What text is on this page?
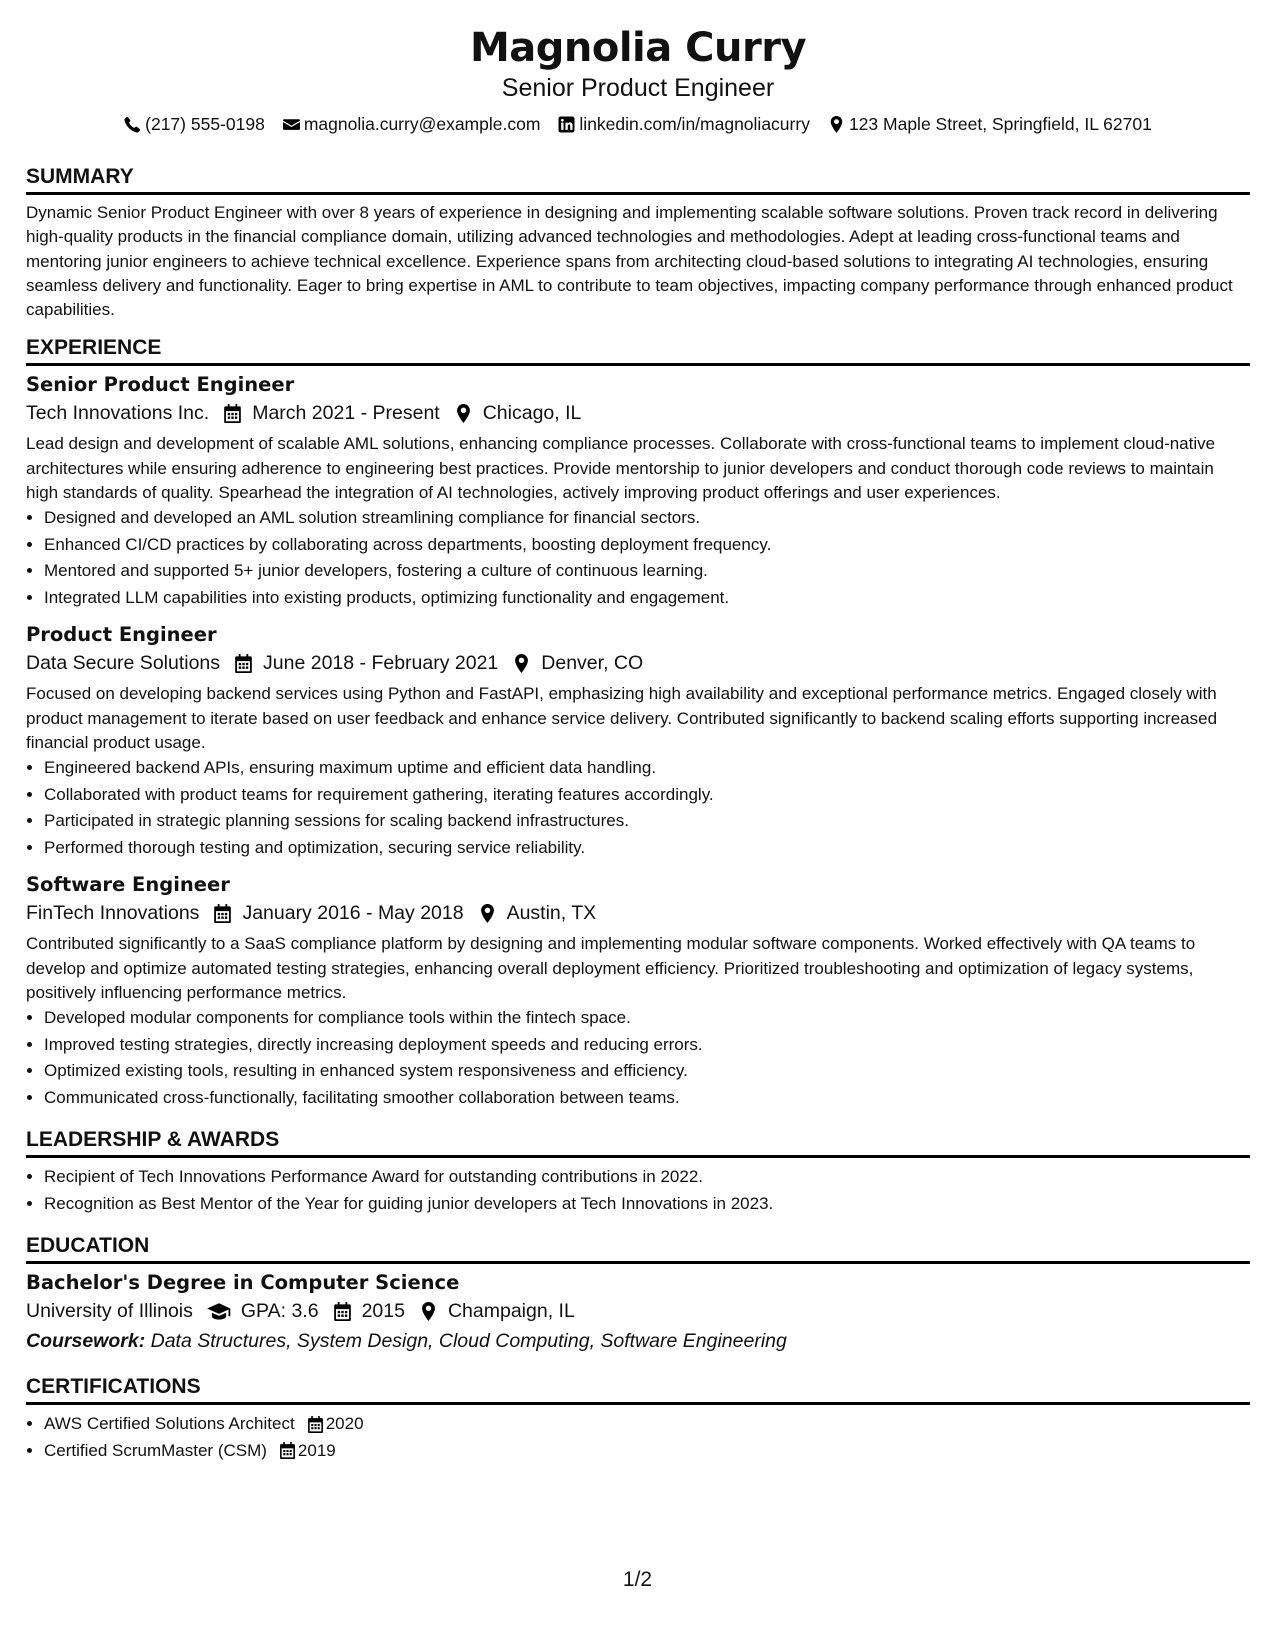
Magnolia Curry
Senior Product Engineer
(217) 555-0198 magnolia.curry@example.com linkedin.com/in/magnoliacurry 123 Maple Street, Springfield, IL 62701
SUMMARY

Dynamic Senior Product Engineer with over 8 years of experience in designing and implementing scalable software solutions. Proven track record in delivering high-quality products in the financial compliance domain, utilizing advanced technologies and methodologies. Adept at leading cross-functional teams and mentoring junior engineers to achieve technical excellence. Experience spans from architecting cloud-based solutions to integrating AI technologies, ensuring seamless delivery and functionality. Eager to bring expertise in AML to contribute to team objectives, impacting company performance through enhanced product capabilities.

EXPERIENCE
Senior Product Engineer
Tech Innovations Inc. March 2021 - Present Chicago, IL

Lead design and development of scalable AML solutions, enhancing compliance processes. Collaborate with cross-functional teams to implement cloud-native architectures while ensuring adherence to engineering best practices. Provide mentorship to junior developers and conduct thorough code reviews to maintain high standards of quality. Spearhead the integration of AI technologies, actively improving product offerings and user experiences.

• Designed and developed an AML solution streamlining compliance for financial sectors.
• Enhanced CI/CD practices by collaborating across departments, boosting deployment frequency.
• Mentored and supported 5+ junior developers, fostering a culture of continuous learning.
• Integrated LLM capabilities into existing products, optimizing functionality and engagement.
Product Engineer
Data Secure Solutions June 2018 - February 2021 Denver, CO

Focused on developing backend services using Python and FastAPI, emphasizing high availability and exceptional performance metrics. Engaged closely with product management to iterate based on user feedback and enhance service delivery. Contributed significantly to backend scaling efforts supporting increased financial product usage.

• Engineered backend APIs, ensuring maximum uptime and efficient data handling.
• Collaborated with product teams for requirement gathering, iterating features accordingly.
• Participated in strategic planning sessions for scaling backend infrastructures.
• Performed thorough testing and optimization, securing service reliability.
Software Engineer
FinTech Innovations January 2016 - May 2018 Austin, TX

Contributed significantly to a SaaS compliance platform by designing and implementing modular software components. Worked effectively with QA teams to develop and optimize automated testing strategies, enhancing overall deployment efficiency. Prioritized troubleshooting and optimization of legacy systems, positively influencing performance metrics.

• Developed modular components for compliance tools within the fintech space.
• Improved testing strategies, directly increasing deployment speeds and reducing errors.
• Optimized existing tools, resulting in enhanced system responsiveness and efficiency.
• Communicated cross-functionally, facilitating smoother collaboration between teams.
LEADERSHIP & AWARDS
• Recipient of Tech Innovations Performance Award for outstanding contributions in 2022.
• Recognition as Best Mentor of the Year for guiding junior developers at Tech Innovations in 2023.
EDUCATION
Bachelor's Degree in Computer Science
University of Illinois GPA: 3.6 2015 Champaign, IL
Coursework: Data Structures, System Design, Cloud Computing, Software Engineering
CERTIFICATIONS
• AWS Certified Solutions Architect 2020
• Certified ScrumMaster (CSM) 2019
1/2
